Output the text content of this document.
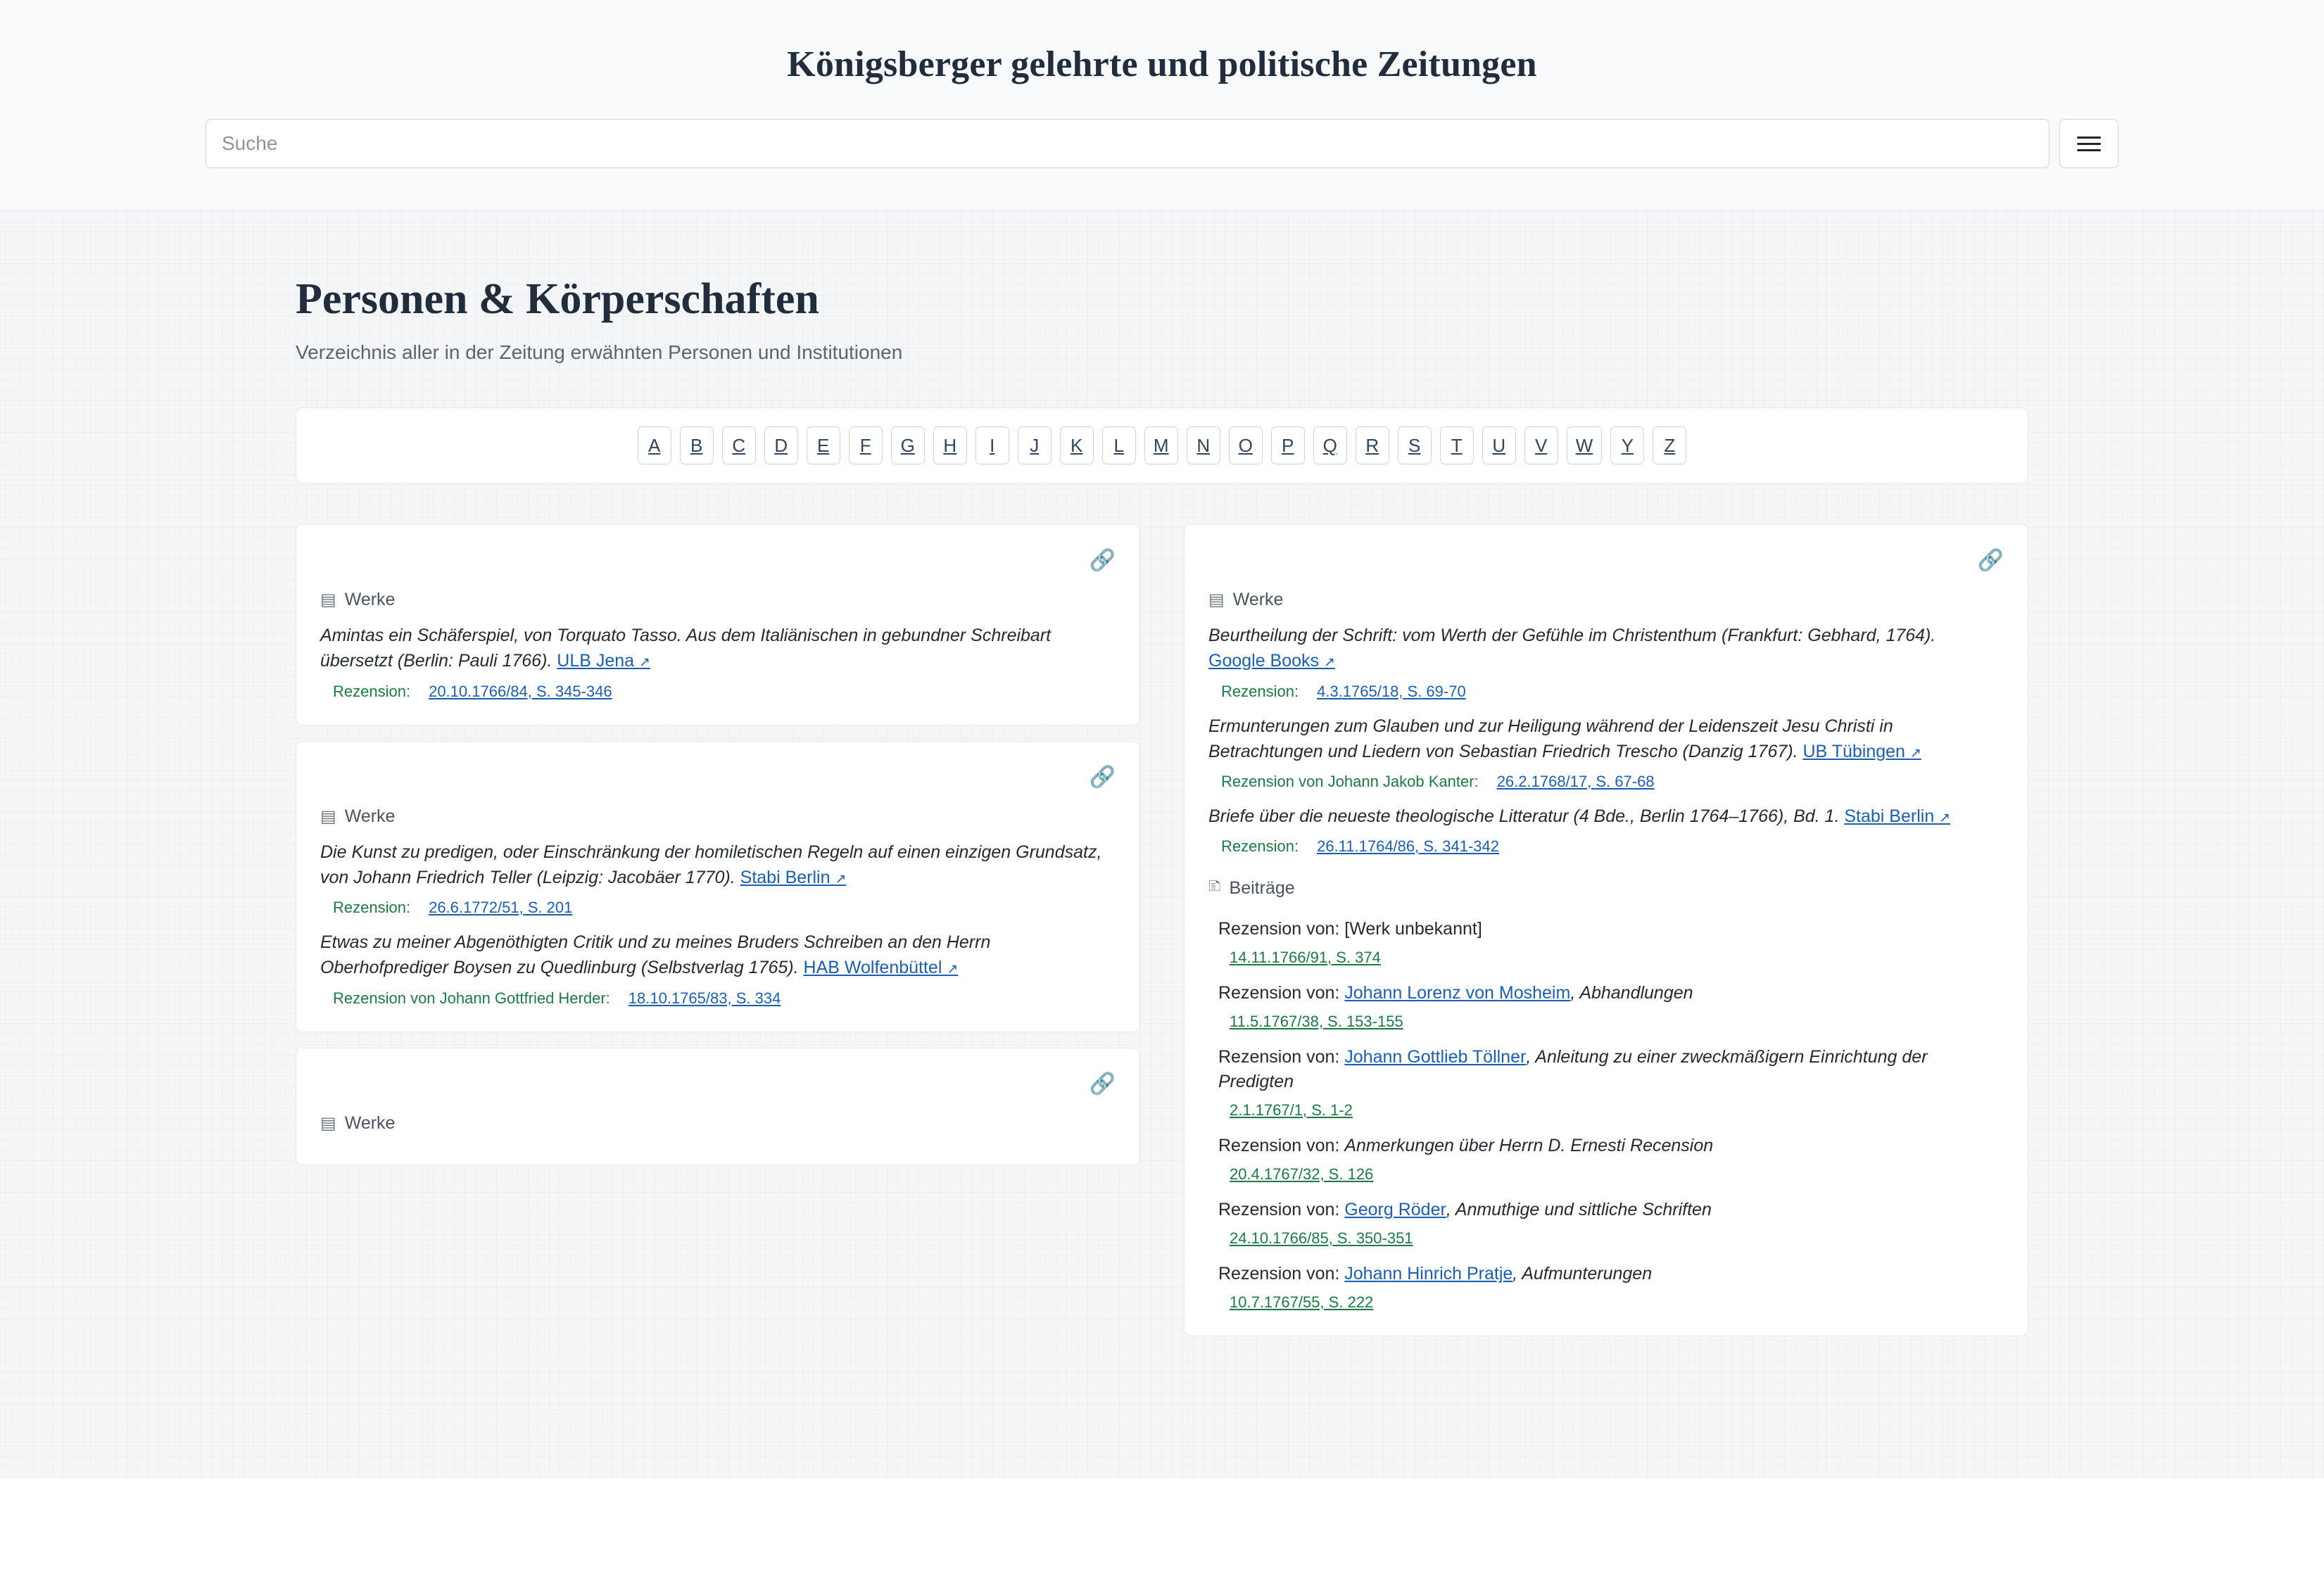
Königsberger gelehrte und politische Zeitungen
Suche
Personen & Körperschaften
Verzeichnis aller in der Zeitung erwähnten Personen und Institutionen
A	B	C	D	E	F	G	H	I	J	K	L	M	N	O	P	Q	R	S	T	U	V	W	Y	Z
🔗
▤ Werke
Amintas ein Schäferspiel, von Torquato Tasso. Aus dem Italiänischen in gebundner Schreibart übersetzt (Berlin: Pauli 1766). ULB Jena ↗
Rezension: 20.10.1766/84, S. 345-346
🔗
▤ Werke
Die Kunst zu predigen, oder Einschränkung der homiletischen Regeln auf einen einzigen Grundsatz, von Johann Friedrich Teller (Leipzig: Jacobäer 1770). Stabi Berlin ↗
Rezension: 26.6.1772/51, S. 201
Etwas zu meiner Abgenöthigten Critik und zu meines Bruders Schreiben an den Herrn Oberhofprediger Boysen zu Quedlinburg (Selbstverlag 1765). HAB Wolfenbüttel ↗
Rezension von Johann Gottfried Herder: 18.10.1765/83, S. 334
🔗
▤ Werke
🔗
▤ Werke
Beurtheilung der Schrift: vom Werth der Gefühle im Christenthum (Frankfurt: Gebhard, 1764). Google Books ↗
Rezension: 4.3.1765/18, S. 69-70
Ermunterungen zum Glauben und zur Heiligung während der Leidenszeit Jesu Christi in Betrachtungen und Liedern von Sebastian Friedrich Trescho (Danzig 1767). UB Tübingen ↗
Rezension von Johann Jakob Kanter: 26.2.1768/17, S. 67-68
Briefe über die neueste theologische Litteratur (4 Bde., Berlin 1764–1766), Bd. 1. Stabi Berlin ↗
Rezension: 26.11.1764/86, S. 341-342
🗈 Beiträge
Rezension von: [Werk unbekannt]
14.11.1766/91, S. 374
Rezension von: Johann Lorenz von Mosheim, Abhandlungen
11.5.1767/38, S. 153-155
Rezension von: Johann Gottlieb Töllner, Anleitung zu einer zweckmäßigern Einrichtung der Predigten
2.1.1767/1, S. 1-2
Rezension von: Anmerkungen über Herrn D. Ernesti Recension
20.4.1767/32, S. 126
Rezension von: Georg Röder, Anmuthige und sittliche Schriften
24.10.1766/85, S. 350-351
Rezension von: Johann Hinrich Pratje, Aufmunterungen
10.7.1767/55, S. 222
